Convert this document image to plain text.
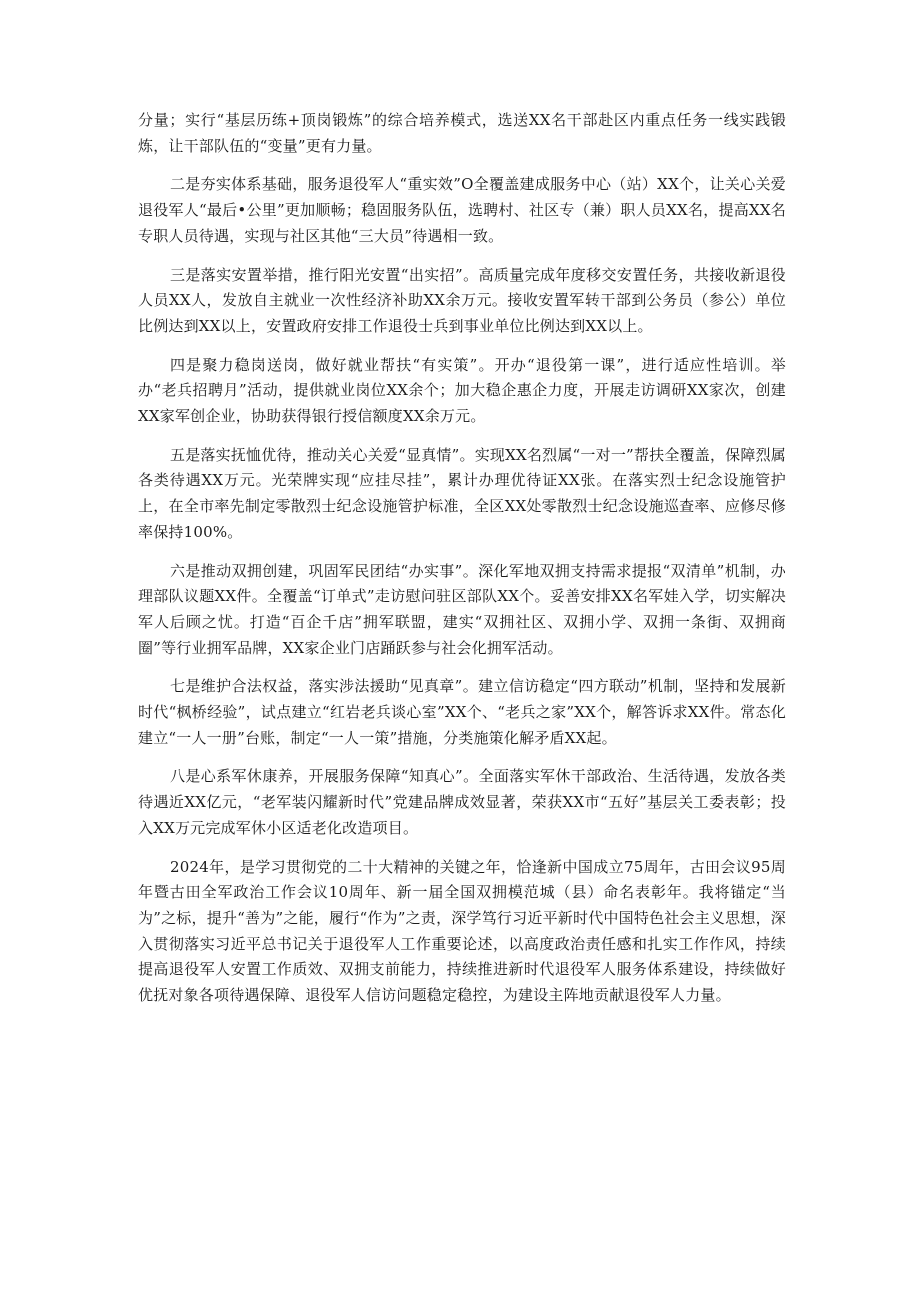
分量；实行“基层历练+顶岗锻炼”的综合培养模式，选送XX名干部赴区内重点任务一线实践锻炼，让干部队伍的“变量”更有力量。

二是夯实体系基础，服务退役军人“重实效”O全覆盖建成服务中心（站）XX个，让关心关爱退役军人“最后•公里”更加顺畅；稳固服务队伍，选聘村、社区专（兼）职人员XX名，提高XX名专职人员待遇，实现与社区其他“三大员”待遇相一致。

三是落实安置举措，推行阳光安置“出实招”。高质量完成年度移交安置任务，共接收新退役人员XX人，发放自主就业一次性经济补助XX余万元。接收安置军转干部到公务员（参公）单位比例达到XX以上，安置政府安排工作退役士兵到事业单位比例达到XX以上。

四是聚力稳岗送岗，做好就业帮扶“有实策”。开办“退役第一课”，进行适应性培训。举办“老兵招聘月”活动，提供就业岗位XX余个；加大稳企惠企力度，开展走访调研XX家次，创建XX家军创企业，协助获得银行授信额度XX余万元。

五是落实抚恤优待，推动关心关爱“显真情”。实现XX名烈属“一对一”帮扶全覆盖，保障烈属各类待遇XX万元。光荣牌实现“应挂尽挂”，累计办理优待证XX张。在落实烈士纪念设施管护上，在全市率先制定零散烈士纪念设施管护标准，全区XX处零散烈士纪念设施巡查率、应修尽修率保持100%。

六是推动双拥创建，巩固军民团结“办实事”。深化军地双拥支持需求提报“双清单”机制，办理部队议题XX件。全覆盖“订单式”走访慰问驻区部队XX个。妥善安排XX名军娃入学，切实解决军人后顾之忧。打造“百企千店”拥军联盟，建实“双拥社区、双拥小学、双拥一条街、双拥商圈”等行业拥军品牌，XX家企业门店踊跃参与社会化拥军活动。

七是维护合法权益，落实涉法援助“见真章”。建立信访稳定“四方联动”机制，坚持和发展新时代“枫桥经验”，试点建立“红岩老兵谈心室”XX个、“老兵之家”XX个，解答诉求XX件。常态化建立“一人一册”台账，制定“一人一策”措施，分类施策化解矛盾XX起。

八是心系军休康养，开展服务保障“知真心”。全面落实军休干部政治、生活待遇，发放各类待遇近XX亿元，“老军装闪耀新时代”党建品牌成效显著，荣获XX市“五好”基层关工委表彰；投入XX万元完成军休小区适老化改造项目。

2024年，是学习贯彻党的二十大精神的关键之年，恰逢新中国成立75周年，古田会议95周年暨古田全军政治工作会议10周年、新一届全国双拥模范城（县）命名表彰年。我将锚定“当为”之标，提升“善为”之能，履行“作为”之责，深学笃行习近平新时代中国特色社会主义思想，深入贯彻落实习近平总书记关于退役军人工作重要论述，以高度政治责任感和扎实工作作风，持续提高退役军人安置工作质效、双拥支前能力，持续推进新时代退役军人服务体系建设，持续做好优抚对象各项待遇保障、退役军人信访问题稳定稳控，为建设主阵地贡献退役军人力量。
